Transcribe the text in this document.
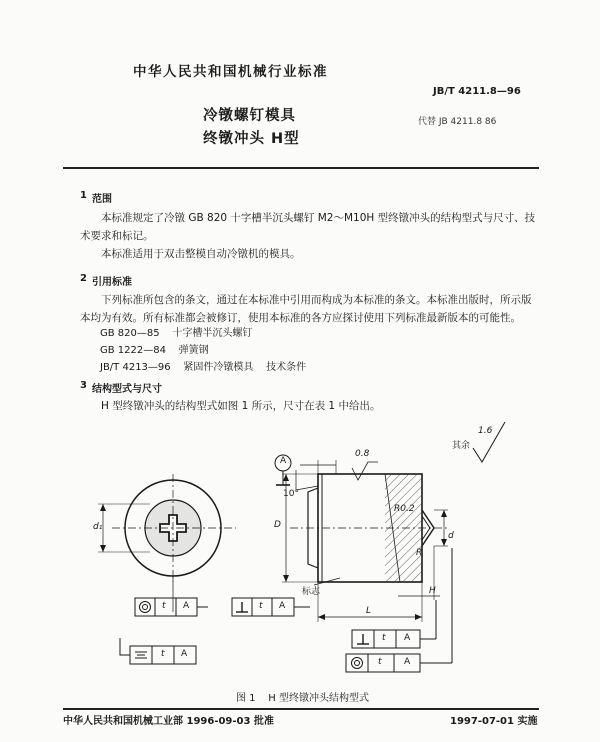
中华人民共和国机械行业标准
JB/T 4211.8—96
代替 JB 4211.8 86
冷镦螺钉模具
终镦冲头 H型
1 范围
本标准规定了冷镦 GB 820 十字槽半沉头螺钉 M2～M10H 型终镦冲头的结构型式与尺寸、技术要求和标记。
本标准适用于双击整模自动冷镦机的模具。
2 引用标准
下列标准所包含的条文，通过在本标准中引用而构成为本标准的条文。本标准出版时，所示版本均为有效。所有标准都会被修订，使用本标准的各方应探讨使用下列标准最新版本的可能性。
GB 820—85    十字槽半沉头螺钉
GB 1222—84    弹簧钢
JB/T 4213—96    紧固件冷镦模具    技术条件
3 结构型式与尺寸
H 型终镦冲头的结构型式如图 1 所示，尺寸在表 1 中给出。
1.6
其余
0.8
A
10°
R0.2
d₁	D
d
R
标志	H
L
t A
t A
t A
t A
t A
图 1    H 型终镦冲头结构型式
中华人民共和国机械工业部 1996-09-03 批准	1997-07-01 实施
